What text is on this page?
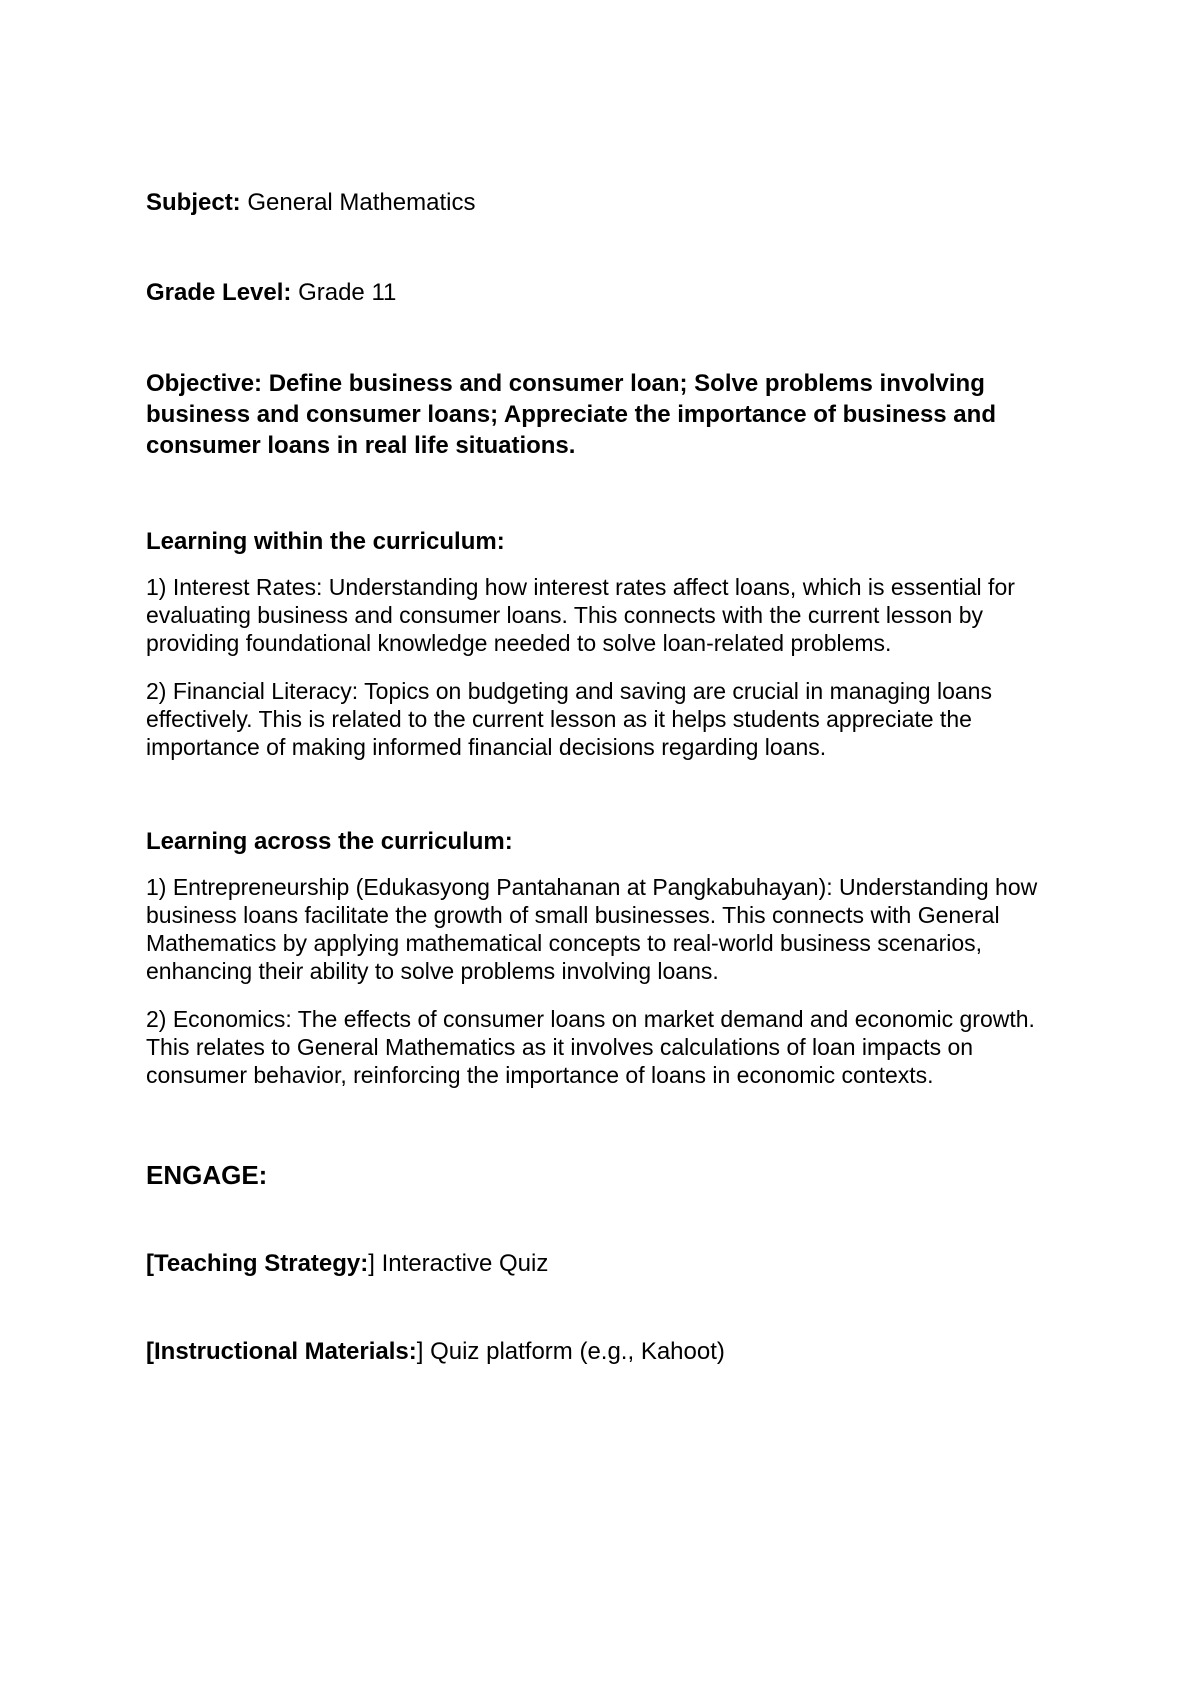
Subject: General Mathematics

Grade Level: Grade 11

Objective: Define business and consumer loan; Solve problems involving business and consumer loans; Appreciate the importance of business and consumer loans in real life situations.

Learning within the curriculum:

1) Interest Rates: Understanding how interest rates affect loans, which is essential for evaluating business and consumer loans. This connects with the current lesson by providing foundational knowledge needed to solve loan-related problems.

2) Financial Literacy: Topics on budgeting and saving are crucial in managing loans effectively. This is related to the current lesson as it helps students appreciate the importance of making informed financial decisions regarding loans.

Learning across the curriculum:

1) Entrepreneurship (Edukasyong Pantahanan at Pangkabuhayan): Understanding how business loans facilitate the growth of small businesses. This connects with General Mathematics by applying mathematical concepts to real-world business scenarios, enhancing their ability to solve problems involving loans.

2) Economics: The effects of consumer loans on market demand and economic growth. This relates to General Mathematics as it involves calculations of loan impacts on consumer behavior, reinforcing the importance of loans in economic contexts.

ENGAGE:

[Teaching Strategy:] Interactive Quiz

[Instructional Materials:] Quiz platform (e.g., Kahoot)
